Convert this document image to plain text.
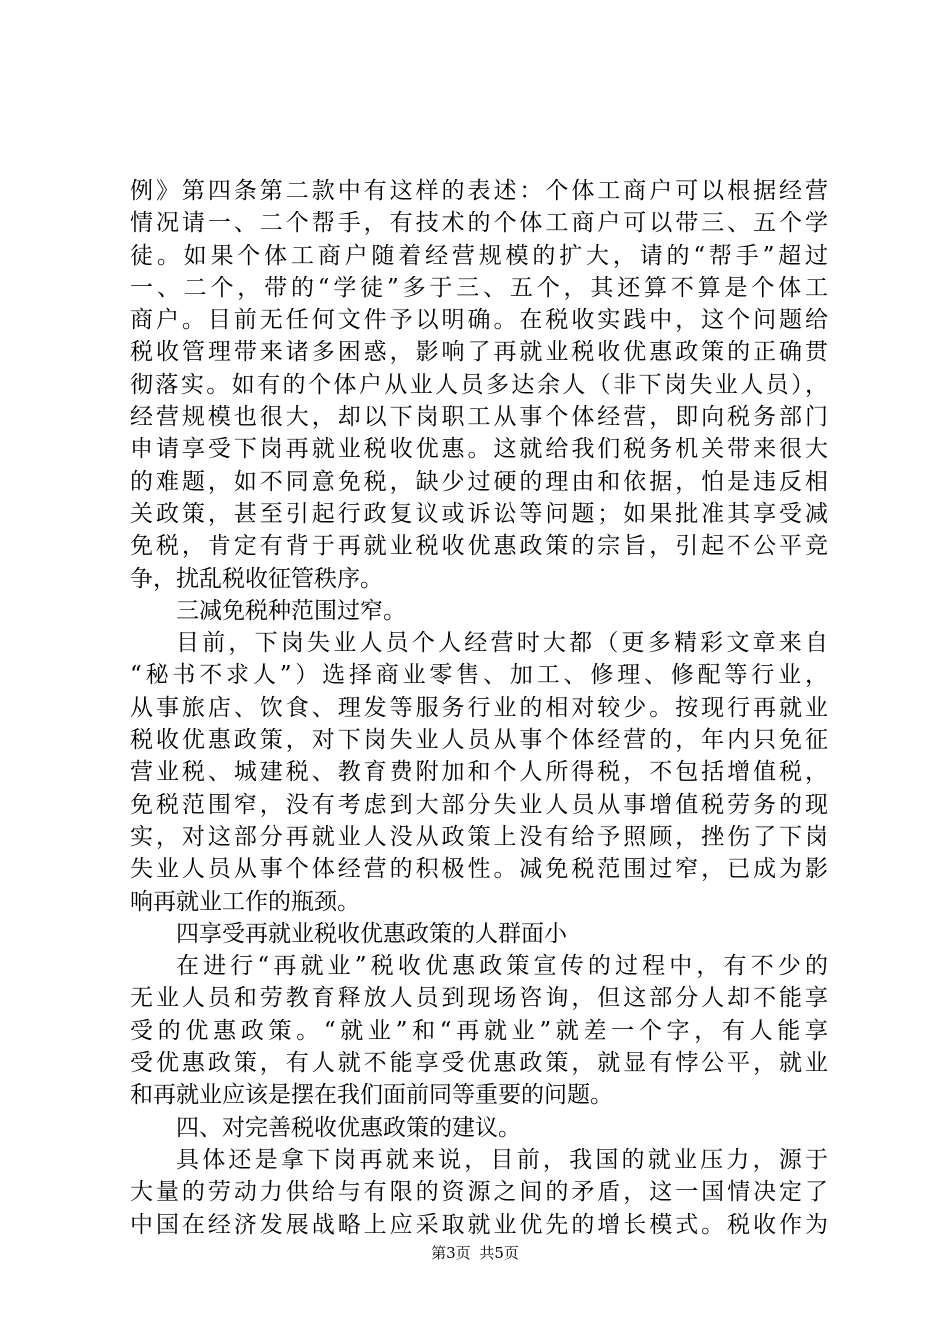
例》第四条第二款中有这样的表述：个体工商户可以根据经营
情况请一、二个帮手，有技术的个体工商户可以带三、五个学
徒。如果个体工商户随着经营规模的扩大，请的“帮手”超过
一、二个，带的“学徒”多于三、五个，其还算不算是个体工
商户。目前无任何文件予以明确。在税收实践中，这个问题给
税收管理带来诸多困惑，影响了再就业税收优惠政策的正确贯
彻落实。如有的个体户从业人员多达余人（非下岗失业人员），
经营规模也很大，却以下岗职工从事个体经营，即向税务部门
申请享受下岗再就业税收优惠。这就给我们税务机关带来很大
的难题，如不同意免税，缺少过硬的理由和依据，怕是违反相
关政策，甚至引起行政复议或诉讼等问题；如果批准其享受减
免税，肯定有背于再就业税收优惠政策的宗旨，引起不公平竞
争，扰乱税收征管秩序。
三减免税种范围过窄。
目前，下岗失业人员个人经营时大都（更多精彩文章来自
“秘书不求人”）选择商业零售、加工、修理、修配等行业，
从事旅店、饮食、理发等服务行业的相对较少。按现行再就业
税收优惠政策，对下岗失业人员从事个体经营的，年内只免征
营业税、城建税、教育费附加和个人所得税，不包括增值税，
免税范围窄，没有考虑到大部分失业人员从事增值税劳务的现
实，对这部分再就业人没从政策上没有给予照顾，挫伤了下岗
失业人员从事个体经营的积极性。减免税范围过窄，已成为影
响再就业工作的瓶颈。
四享受再就业税收优惠政策的人群面小
在进行“再就业”税收优惠政策宣传的过程中，有不少的
无业人员和劳教育释放人员到现场咨询，但这部分人却不能享
受的优惠政策。“就业”和“再就业”就差一个字，有人能享
受优惠政策，有人就不能享受优惠政策，就显有悖公平，就业
和再就业应该是摆在我们面前同等重要的问题。
四、对完善税收优惠政策的建议。
具体还是拿下岗再就来说，目前，我国的就业压力，源于
大量的劳动力供给与有限的资源之间的矛盾，这一国情决定了
中国在经济发展战略上应采取就业优先的增长模式。税收作为
第3页 共5页
